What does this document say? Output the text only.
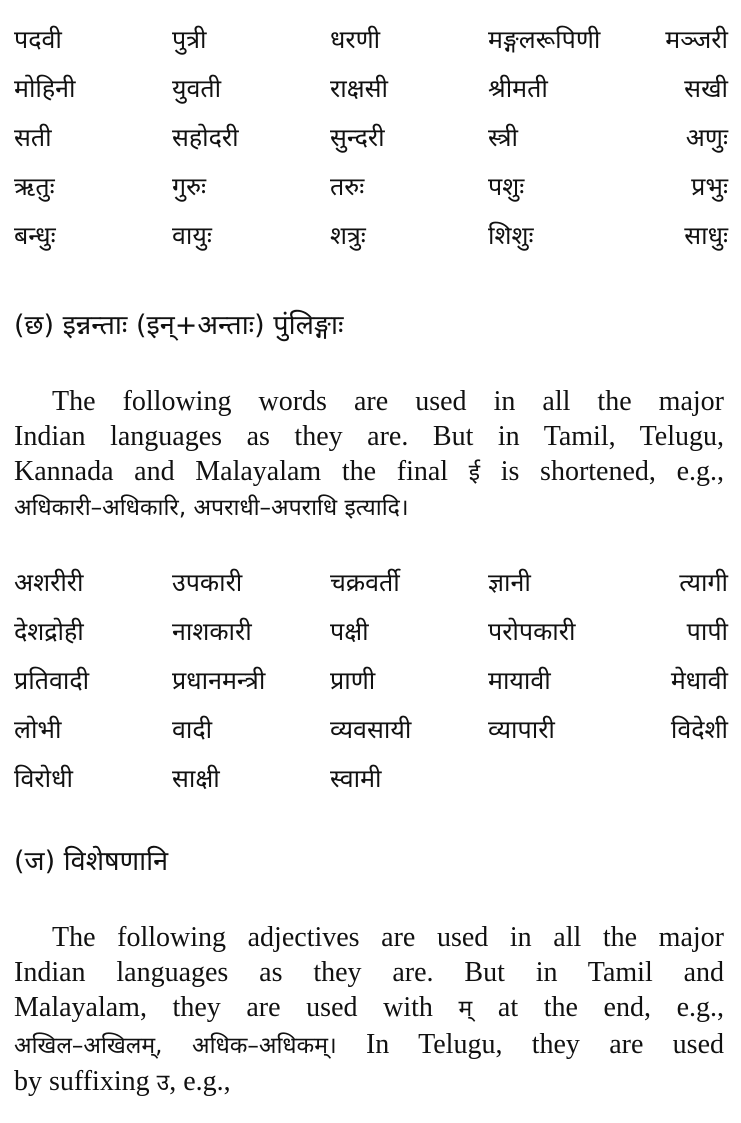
पदवी	पुत्री	धरणी	मङ्गलरूपिणी	मञ्जरी
मोहिनी	युवती	राक्षसी	श्रीमती	सखी
सती	सहोदरी	सुन्दरी	स्त्री	अणुः
ऋतुः	गुरुः	तरुः	पशुः	प्रभुः
बन्धुः	वायुः	शत्रुः	शिशुः	साधुः
(छ) इन्नन्ताः (इन्+अन्ताः) पुंलिङ्गाः
The following words are used in all the major
Indian languages as they are. But in Tamil, Telugu,
Kannada and Malayalam the final ई is shortened, e.g.,
अधिकारी–अधिकारि, अपराधी–अपराधि इत्यादि।
अशरीरी	उपकारी	चक्रवर्ती	ज्ञानी	त्यागी
देशद्रोही	नाशकारी	पक्षी	परोपकारी	पापी
प्रतिवादी	प्रधानमन्त्री	प्राणी	मायावी	मेधावी
लोभी	वादी	व्यवसायी	व्यापारी	विदेशी
विरोधी	साक्षी	स्वामी
(ज) विशेषणानि
The following adjectives are used in all the major
Indian languages as they are. But in Tamil and
Malayalam, they are used with म् at the end, e.g.,
अखिल–अखिलम्, अधिक–अधिकम्। In Telugu, they are used
by suffixing उ, e.g.,
